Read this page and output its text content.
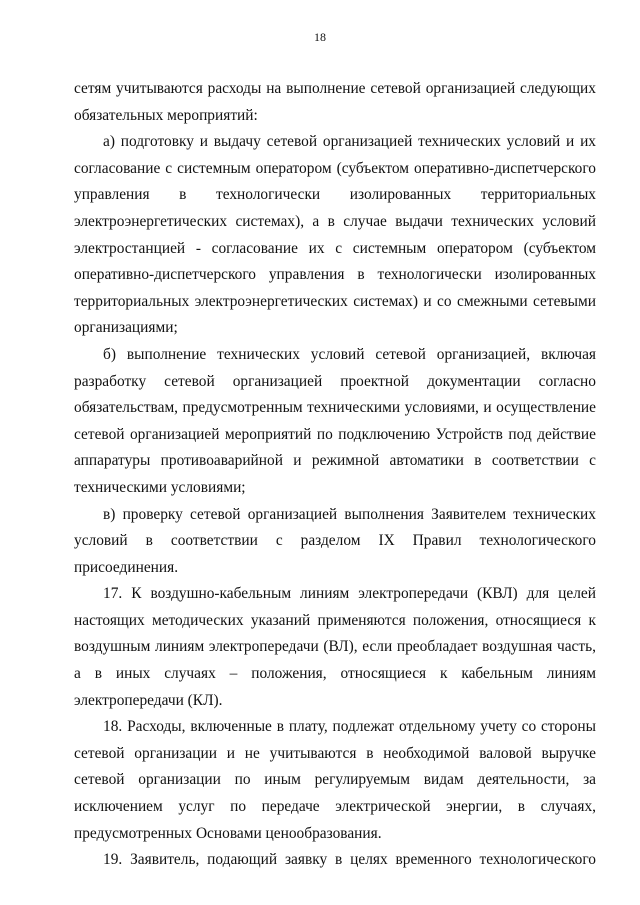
18

сетям учитываются расходы на выполнение сетевой организацией следующих обязательных мероприятий:

а) подготовку и выдачу сетевой организацией технических условий и их согласование с системным оператором (субъектом оперативно-диспетчерского управления в технологически изолированных территориальных электроэнергетических системах), а в случае выдачи технических условий электростанцией - согласование их с системным оператором (субъектом оперативно-диспетчерского управления в технологически изолированных территориальных электроэнергетических системах) и со смежными сетевыми организациями;

б) выполнение технических условий сетевой организацией, включая разработку сетевой организацией проектной документации согласно обязательствам, предусмотренным техническими условиями, и осуществление сетевой организацией мероприятий по подключению Устройств под действие аппаратуры противоаварийной и режимной автоматики в соответствии с техническими условиями;

в) проверку сетевой организацией выполнения Заявителем технических условий в соответствии с разделом IX Правил технологического присоединения.

17. К воздушно-кабельным линиям электропередачи (КВЛ) для целей настоящих методических указаний применяются положения, относящиеся к воздушным линиям электропередачи (ВЛ), если преобладает воздушная часть, а в иных случаях – положения, относящиеся к кабельным линиям электропередачи (КЛ).

18. Расходы, включенные в плату, подлежат отдельному учету со стороны сетевой организации и не учитываются в необходимой валовой выручке сетевой организации по иным регулируемым видам деятельности, за исключением услуг по передаче электрической энергии, в случаях, предусмотренных Основами ценообразования.

19. Заявитель, подающий заявку в целях временного технологического
